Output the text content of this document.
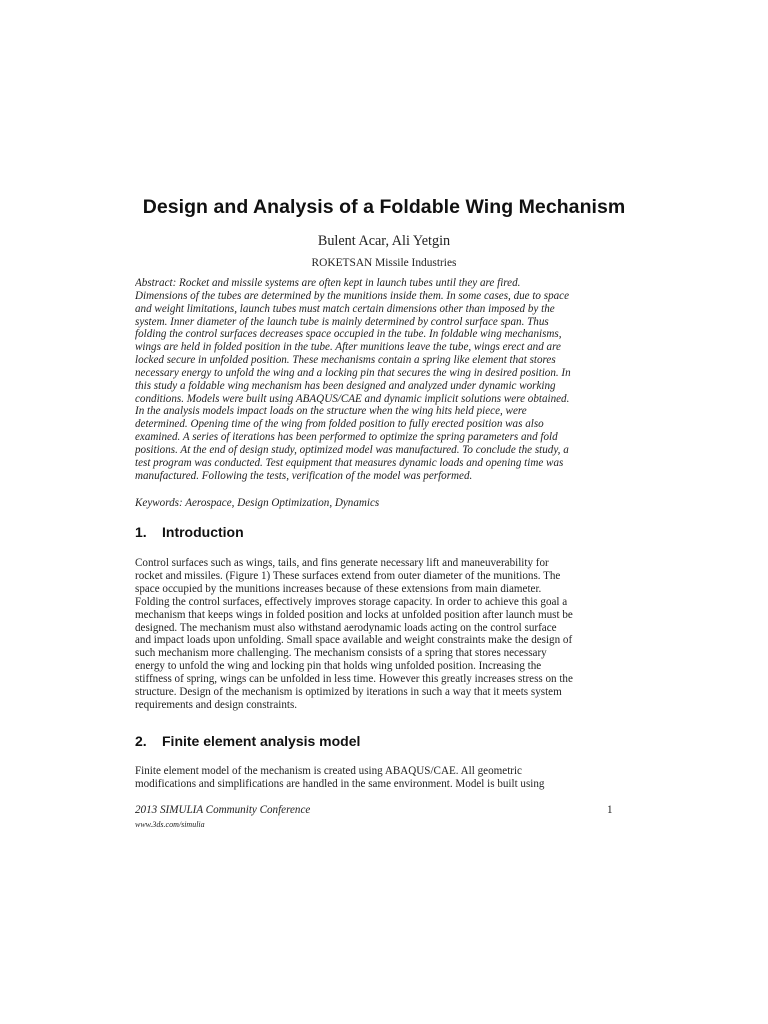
Design and Analysis of a Foldable Wing Mechanism
Bulent Acar, Ali Yetgin
ROKETSAN Missile Industries
Abstract: Rocket and missile systems are often kept in launch tubes until they are fired.
Dimensions of the tubes are determined by the munitions inside them. In some cases, due to space
and weight limitations, launch tubes must match certain dimensions other than imposed by the
system. Inner diameter of the launch tube is mainly determined by control surface span. Thus
folding the control surfaces decreases space occupied in the tube. In foldable wing mechanisms,
wings are held in folded position in the tube. After munitions leave the tube, wings erect and are
locked secure in unfolded position. These mechanisms contain a spring like element that stores
necessary energy to unfold the wing and a locking pin that secures the wing in desired position. In
this study a foldable wing mechanism has been designed and analyzed under dynamic working
conditions. Models were built using ABAQUS/CAE and dynamic implicit solutions were obtained.
In the analysis models impact loads on the structure when the wing hits held piece, were
determined. Opening time of the wing from folded position to fully erected position was also
examined. A series of iterations has been performed to optimize the spring parameters and fold
positions. At the end of design study, optimized model was manufactured. To conclude the study, a
test program was conducted. Test equipment that measures dynamic loads and opening time was
manufactured. Following the tests, verification of the model was performed.
Keywords: Aerospace, Design Optimization, Dynamics
1. Introduction
Control surfaces such as wings, tails, and fins generate necessary lift and maneuverability for
rocket and missiles. (Figure 1) These surfaces extend from outer diameter of the munitions. The
space occupied by the munitions increases because of these extensions from main diameter.
Folding the control surfaces, effectively improves storage capacity. In order to achieve this goal a
mechanism that keeps wings in folded position and locks at unfolded position after launch must be
designed. The mechanism must also withstand aerodynamic loads acting on the control surface
and impact loads upon unfolding. Small space available and weight constraints make the design of
such mechanism more challenging. The mechanism consists of a spring that stores necessary
energy to unfold the wing and locking pin that holds wing unfolded position. Increasing the
stiffness of spring, wings can be unfolded in less time. However this greatly increases stress on the
structure. Design of the mechanism is optimized by iterations in such a way that it meets system
requirements and design constraints.
2. Finite element analysis model
Finite element model of the mechanism is created using ABAQUS/CAE. All geometric
modifications and simplifications are handled in the same environment. Model is built using
2013 SIMULIA Community Conference	1
www.3ds.com/simulia
